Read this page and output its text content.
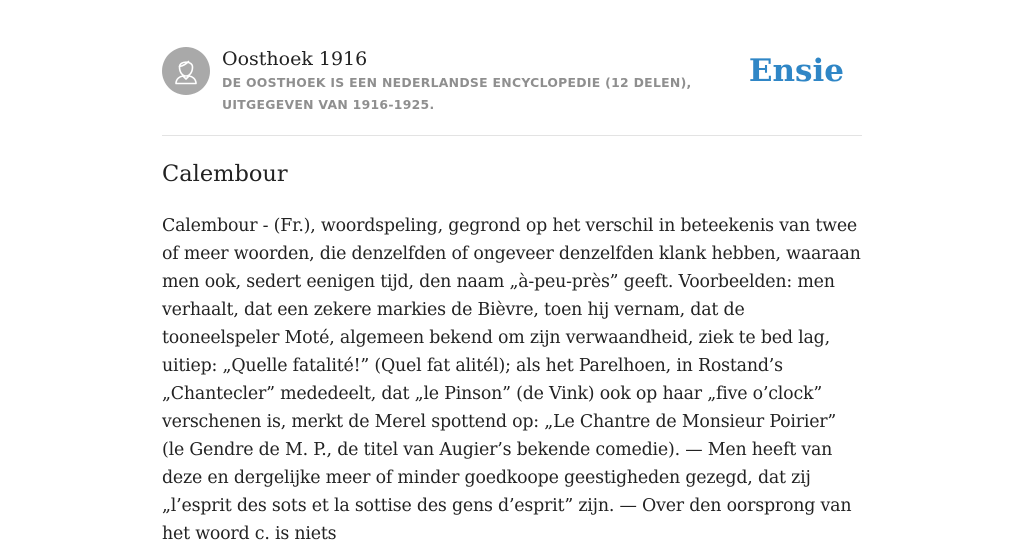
Oosthoek 1916
DE OOSTHOEK IS EEN NEDERLANDSE ENCYCLOPEDIE (12 DELEN), UITGEGEVEN VAN 1916-1925.
Ensie
Calembour

Calembour - (Fr.), woordspeling, gegrond op het verschil in beteekenis van twee of meer woorden, die denzelfden of ongeveer denzelfden klank hebben, waaraan men ook, sedert eenigen tijd, den naam „à-peu-près” geeft. Voorbeelden: men verhaalt, dat een zekere markies de Bièvre, toen hij vernam, dat de tooneelspeler Moté, algemeen bekend om zijn verwaandheid, ziek te bed lag, uitiep: „Quelle fatalité!” (Quel fat alitél); als het Parelhoen, in Rostand’s „Chantecler” mededeelt, dat „le Pinson” (de Vink) ook op haar „five o’clock” verschenen is, merkt de Merel spottend op: „Le Chantre de Monsieur Poirier” (le Gendre de M. P., de titel van Augier’s bekende comedie). — Men heeft van deze en dergelijke meer of minder goedkoope geestigheden gezegd, dat zij „l’esprit des sots et la sottise des gens d’esprit” zijn. — Over den oorsprong van het woord c. is niets
